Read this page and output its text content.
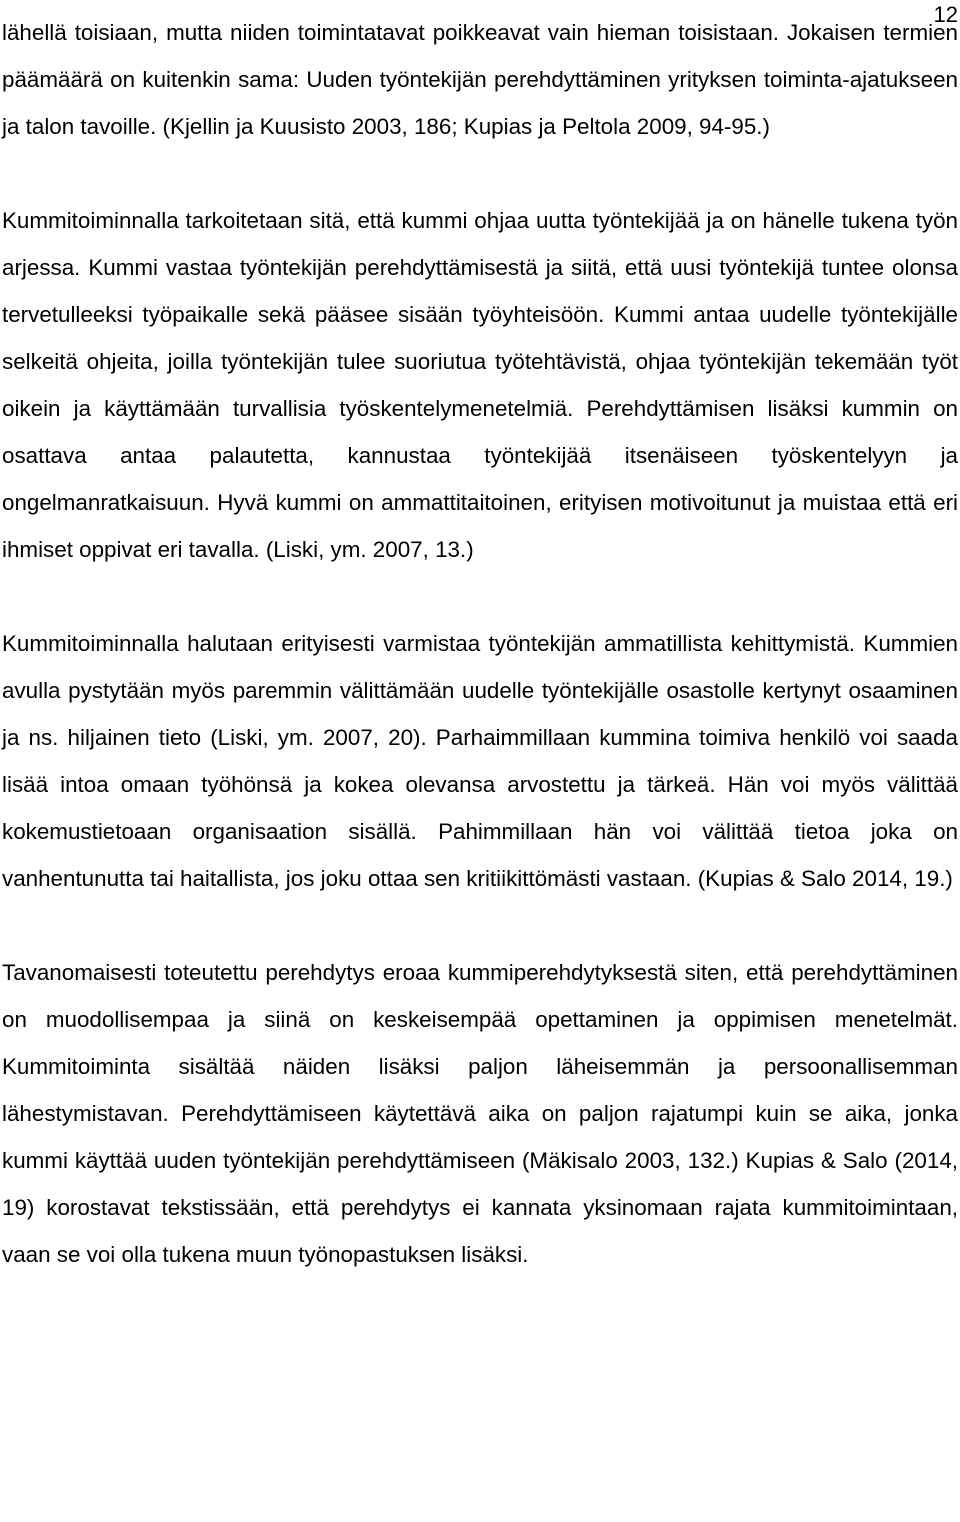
12

lähellä toisiaan, mutta niiden toimintatavat poikkeavat vain hieman toisistaan. Jokaisen termien päämäärä on kuitenkin sama: Uuden työntekijän perehdyttäminen yrityksen toiminta-ajatukseen ja talon tavoille. (Kjellin ja Kuusisto 2003, 186; Kupias ja Peltola 2009, 94-95.)

Kummitoiminnalla tarkoitetaan sitä, että kummi ohjaa uutta työntekijää ja on hänelle tukena työn arjessa. Kummi vastaa työntekijän perehdyttämisestä ja siitä, että uusi työntekijä tuntee olonsa tervetulleeksi työpaikalle sekä pääsee sisään työyhteisöön. Kummi antaa uudelle työntekijälle selkeitä ohjeita, joilla työntekijän tulee suoriutua työtehtävistä, ohjaa työntekijän tekemään työt oikein ja käyttämään turvallisia työskentelymenetelmiä. Perehdyttämisen lisäksi kummin on osattava antaa palautetta, kannustaa työntekijää itsenäiseen työskentelyyn ja ongelmanratkaisuun. Hyvä kummi on ammattitaitoinen, erityisen motivoitunut ja muistaa että eri ihmiset oppivat eri tavalla. (Liski, ym. 2007, 13.)

Kummitoiminnalla halutaan erityisesti varmistaa työntekijän ammatillista kehittymistä. Kummien avulla pystytään myös paremmin välittämään uudelle työntekijälle osastolle kertynyt osaaminen ja ns. hiljainen tieto (Liski, ym. 2007, 20). Parhaimmillaan kummina toimiva henkilö voi saada lisää intoa omaan työhönsä ja kokea olevansa arvostettu ja tärkeä. Hän voi myös välittää kokemustietoaan organisaation sisällä. Pahimmillaan hän voi välittää tietoa joka on vanhentunutta tai haitallista, jos joku ottaa sen kritiikittömästi vastaan. (Kupias & Salo 2014, 19.)

Tavanomaisesti toteutettu perehdytys eroaa kummiperehdytyksestä siten, että perehdyttäminen on muodollisempaa ja siinä on keskeisempää opettaminen ja oppimisen menetelmät. Kummitoiminta sisältää näiden lisäksi paljon läheisemmän ja persoonallisemman lähestymistavan. Perehdyttämiseen käytettävä aika on paljon rajatumpi kuin se aika, jonka kummi käyttää uuden työntekijän perehdyttämiseen (Mäkisalo 2003, 132.) Kupias & Salo (2014, 19) korostavat tekstissään, että perehdytys ei kannata yksinomaan rajata kummitoimintaan, vaan se voi olla tukena muun työnopastuksen lisäksi.
